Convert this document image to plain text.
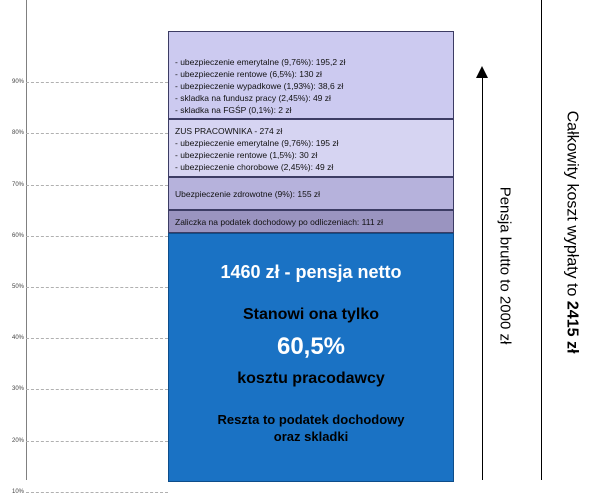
10%
20%
30%
40%
50%
60%
70%
80%
90%
1460 zł - pensja netto
Stanowi ona tylko
60,5%
kosztu pracodawcy
Reszta to podatek dochodowy
oraz skladki
Zaliczka na podatek dochodowy po odliczeniach: 111 zł
Ubezpieczenie zdrowotne (9%): 155 zł
ZUS PRACOWNIKA - 274 zł
- ubezpieczenie emerytalne (9,76%): 195 zł
- ubezpieczenie rentowe (1,5%): 30 zł
- ubezpieczenie chorobowe (2,45%): 49 zł
- ubezpieczenie emerytalne (9,76%): 195,2 zł
- ubezpieczenie rentowe (6,5%): 130 zł
- ubezpieczenie wypadkowe (1,93%): 38,6 zł
- skladka na fundusz pracy (2,45%): 49 zł
- skladka na FGŚP (0,1%): 2 zł
Pensja brutto to 2000 zł	Całkowity koszt wypłaty to 2415 zł
